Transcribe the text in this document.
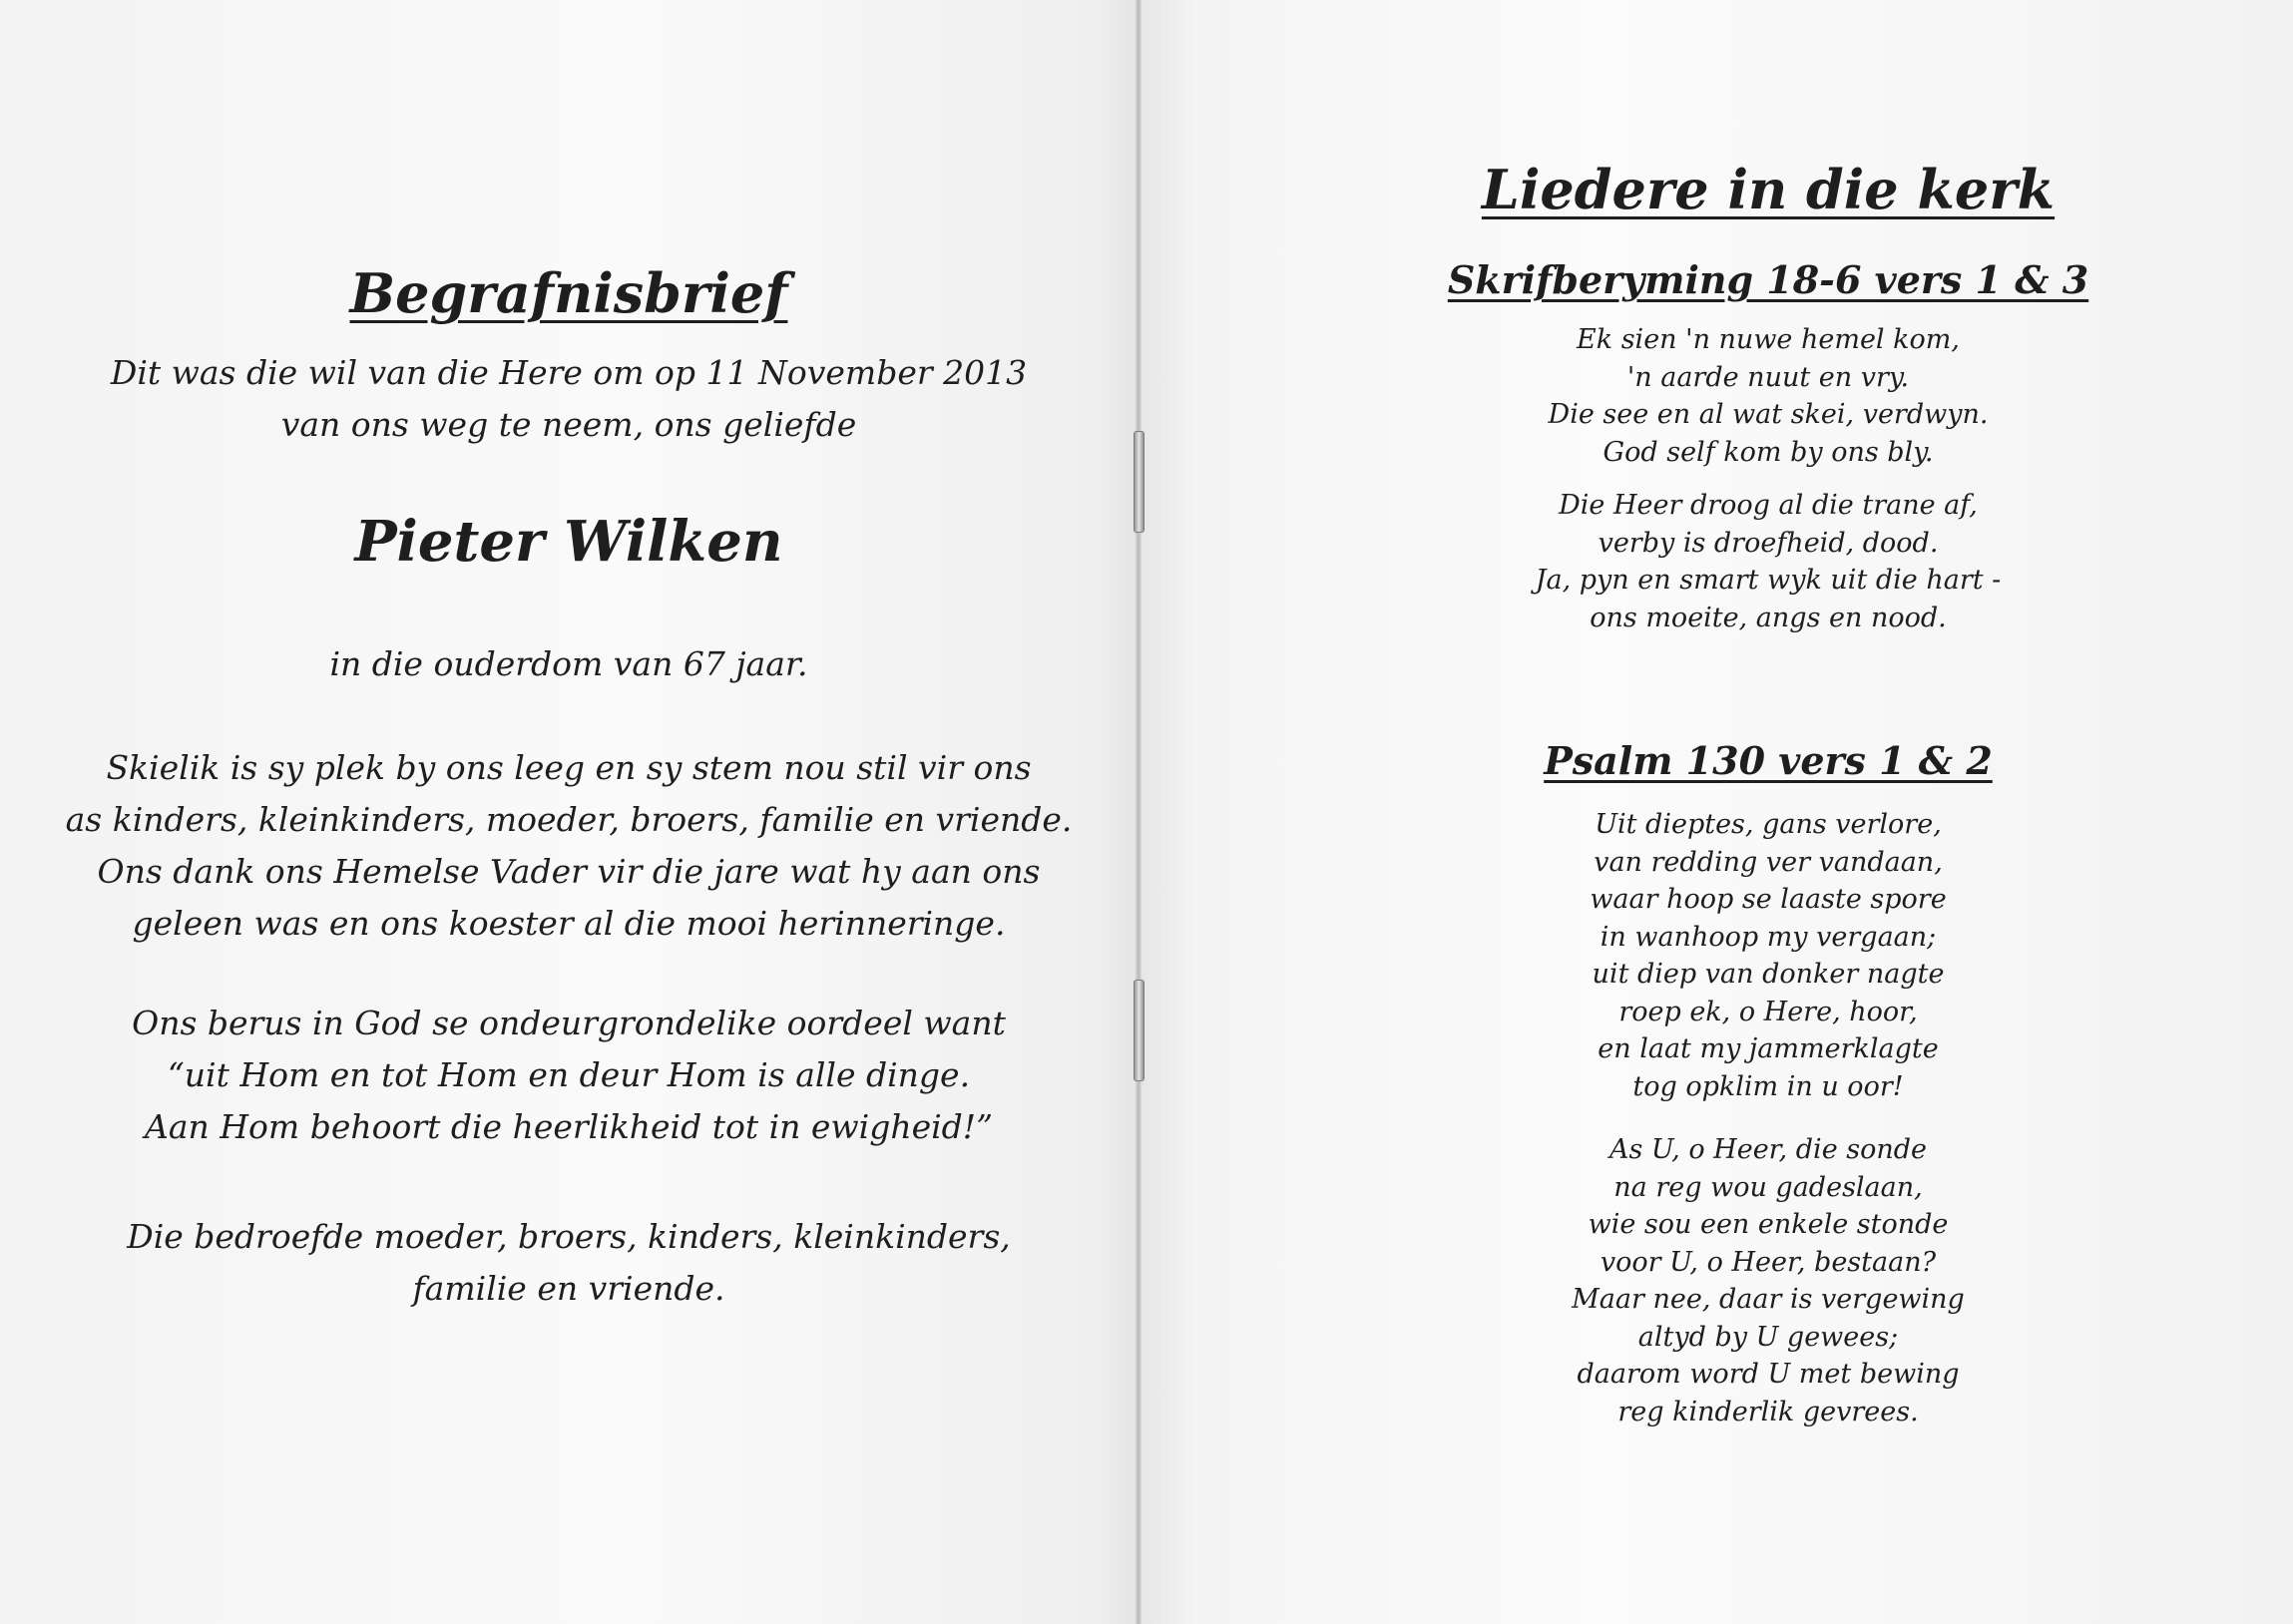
Begrafnisbrief

Dit was die wil van die Here om op 11 November 2013
van ons weg te neem, ons geliefde

Pieter Wilken

in die ouderdom van 67 jaar.

Skielik is sy plek by ons leeg en sy stem nou stil vir ons
as kinders, kleinkinders, moeder, broers, familie en vriende.
Ons dank ons Hemelse Vader vir die jare wat hy aan ons
geleen was en ons koester al die mooi herinneringe.

Ons berus in God se ondeurgrondelike oordeel want
“uit Hom en tot Hom en deur Hom is alle dinge.
Aan Hom behoort die heerlikheid tot in ewigheid!”

Die bedroefde moeder, broers, kinders, kleinkinders,
familie en vriende.

Liedere in die kerk
Skrifberyming 18-6 vers 1 & 3

Ek sien 'n nuwe hemel kom,
'n aarde nuut en vry.
Die see en al wat skei, verdwyn.
God self kom by ons bly.

Die Heer droog al die trane af,
verby is droefheid, dood.
Ja, pyn en smart wyk uit die hart -
ons moeite, angs en nood.

Psalm 130 vers 1 & 2

Uit dieptes, gans verlore,
van redding ver vandaan,
waar hoop se laaste spore
in wanhoop my vergaan;
uit diep van donker nagte
roep ek, o Here, hoor,
en laat my jammerklagte
tog opklim in u oor!

As U, o Heer, die sonde
na reg wou gadeslaan,
wie sou een enkele stonde
voor U, o Heer, bestaan?
Maar nee, daar is vergewing
altyd by U gewees;
daarom word U met bewing
reg kinderlik gevrees.
